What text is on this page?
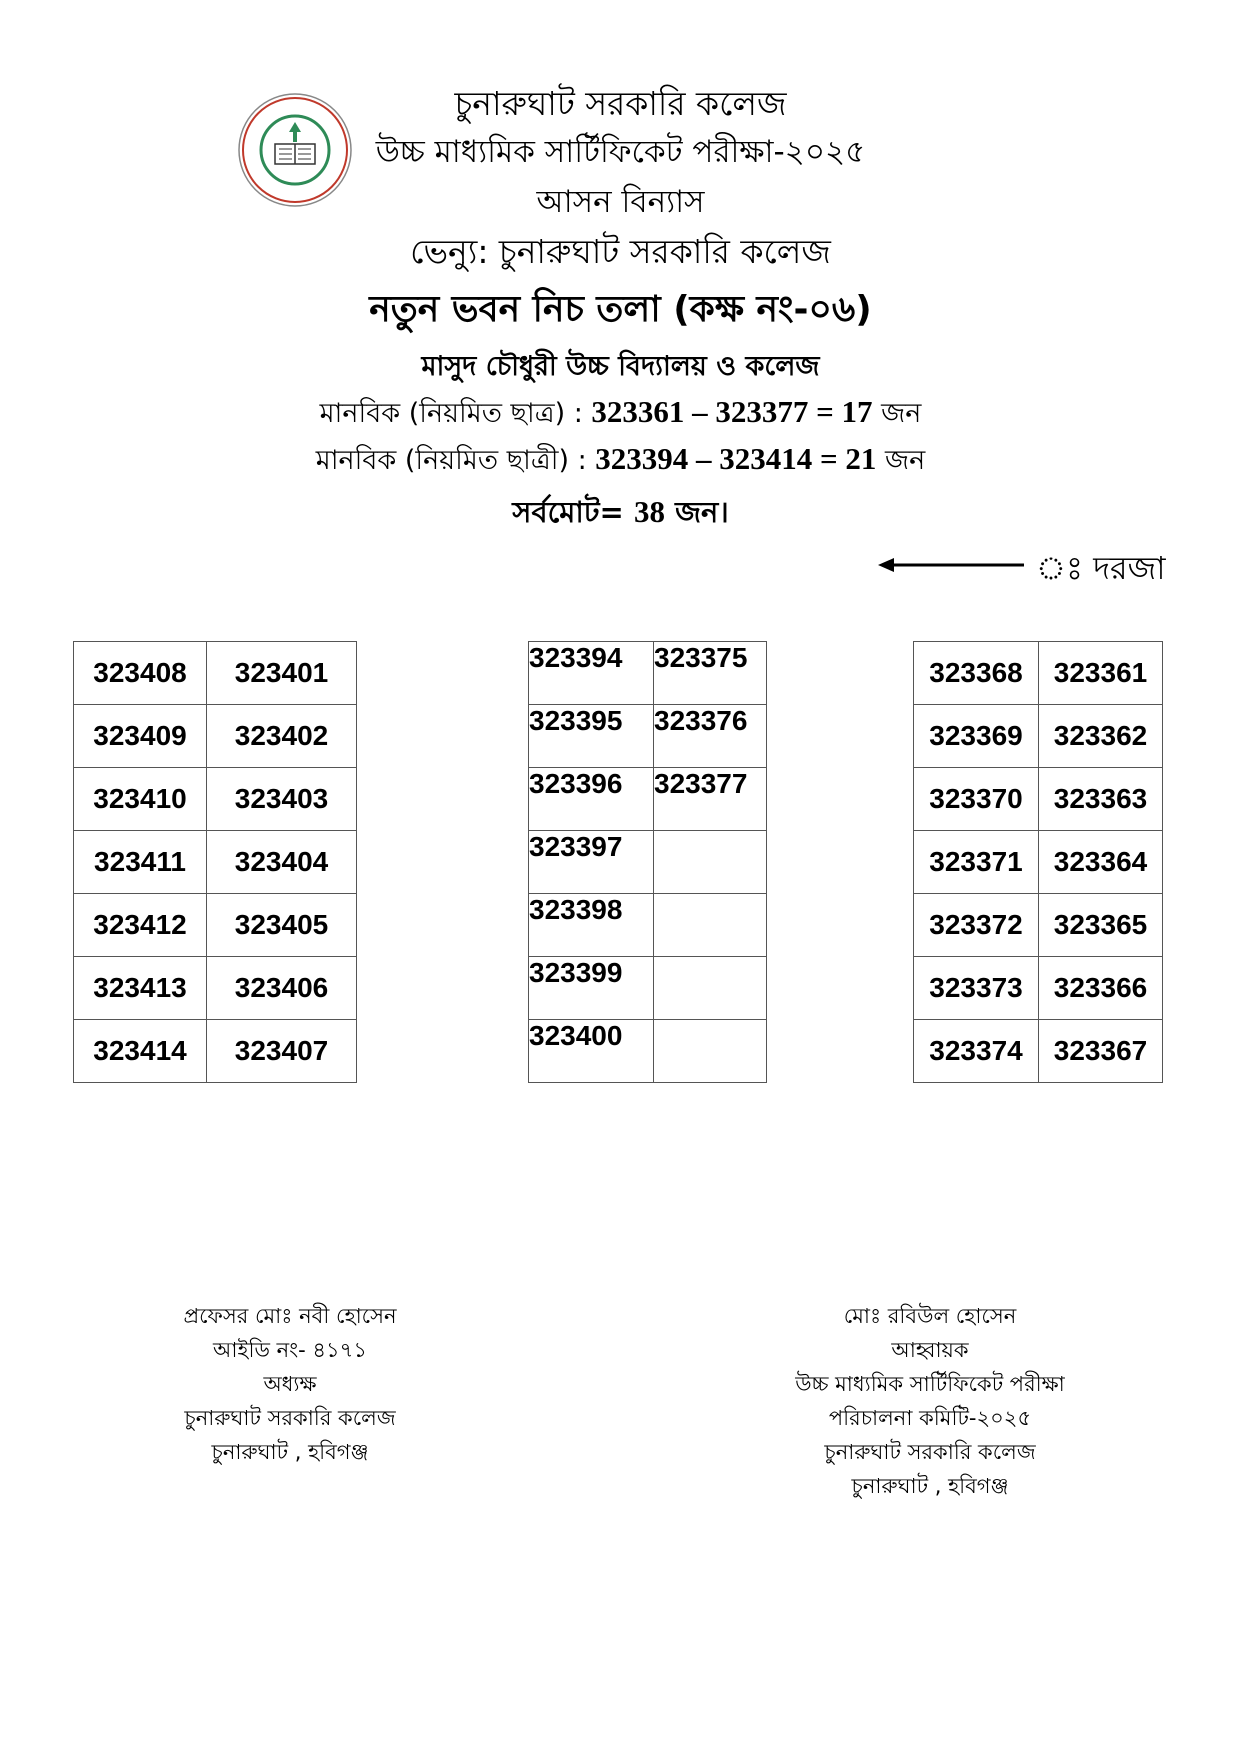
চুনারুঘাট সরকারি কলেজ
উচ্চ মাধ্যমিক সার্টিফিকেট পরীক্ষা-২০২৫
আসন বিন্যাস
ভেন্যু: চুনারুঘাট সরকারি কলেজ
নতুন ভবন নিচ তলা (কক্ষ নং-০৬)
মাসুদ চৌধুরী উচ্চ বিদ্যালয় ও কলেজ
মানবিক (নিয়মিত ছাত্র) : 323361 – 323377 = 17 জন
মানবিক (নিয়মিত ছাত্রী) : 323394 – 323414 = 21 জন
সর্বমোট= 38 জন।
ঃ দরজা
323408	323401
323409	323402
323410	323403
323411	323404
323412	323405
323413	323406
323414	323407
323394	323375
323395	323376
323396	323377
323397	
323398	
323399	
323400	
323368	323361
323369	323362
323370	323363
323371	323364
323372	323365
323373	323366
323374	323367
প্রফেসর মোঃ নবী হোসেন
আইডি নং- ৪১৭১
অধ্যক্ষ
চুনারুঘাট সরকারি কলেজ
চুনারুঘাট , হবিগঞ্জ
মোঃ রবিউল হোসেন
আহ্বায়ক
উচ্চ মাধ্যমিক সার্টিফিকেট পরীক্ষা
পরিচালনা কমিটি-২০২৫
চুনারুঘাট সরকারি কলেজ
চুনারুঘাট , হবিগঞ্জ
